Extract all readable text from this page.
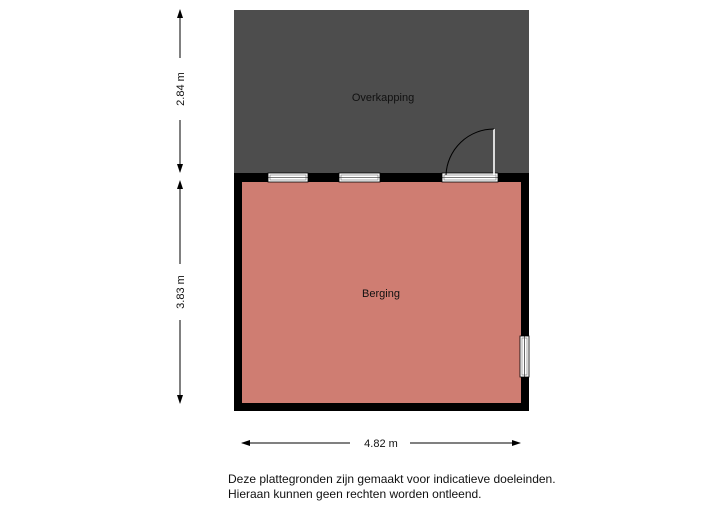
Overkapping
Berging
2.84 m
3.83 m
4.82 m
Deze plattegronden zijn gemaakt voor indicatieve doeleinden.
Hieraan kunnen geen rechten worden ontleend.
